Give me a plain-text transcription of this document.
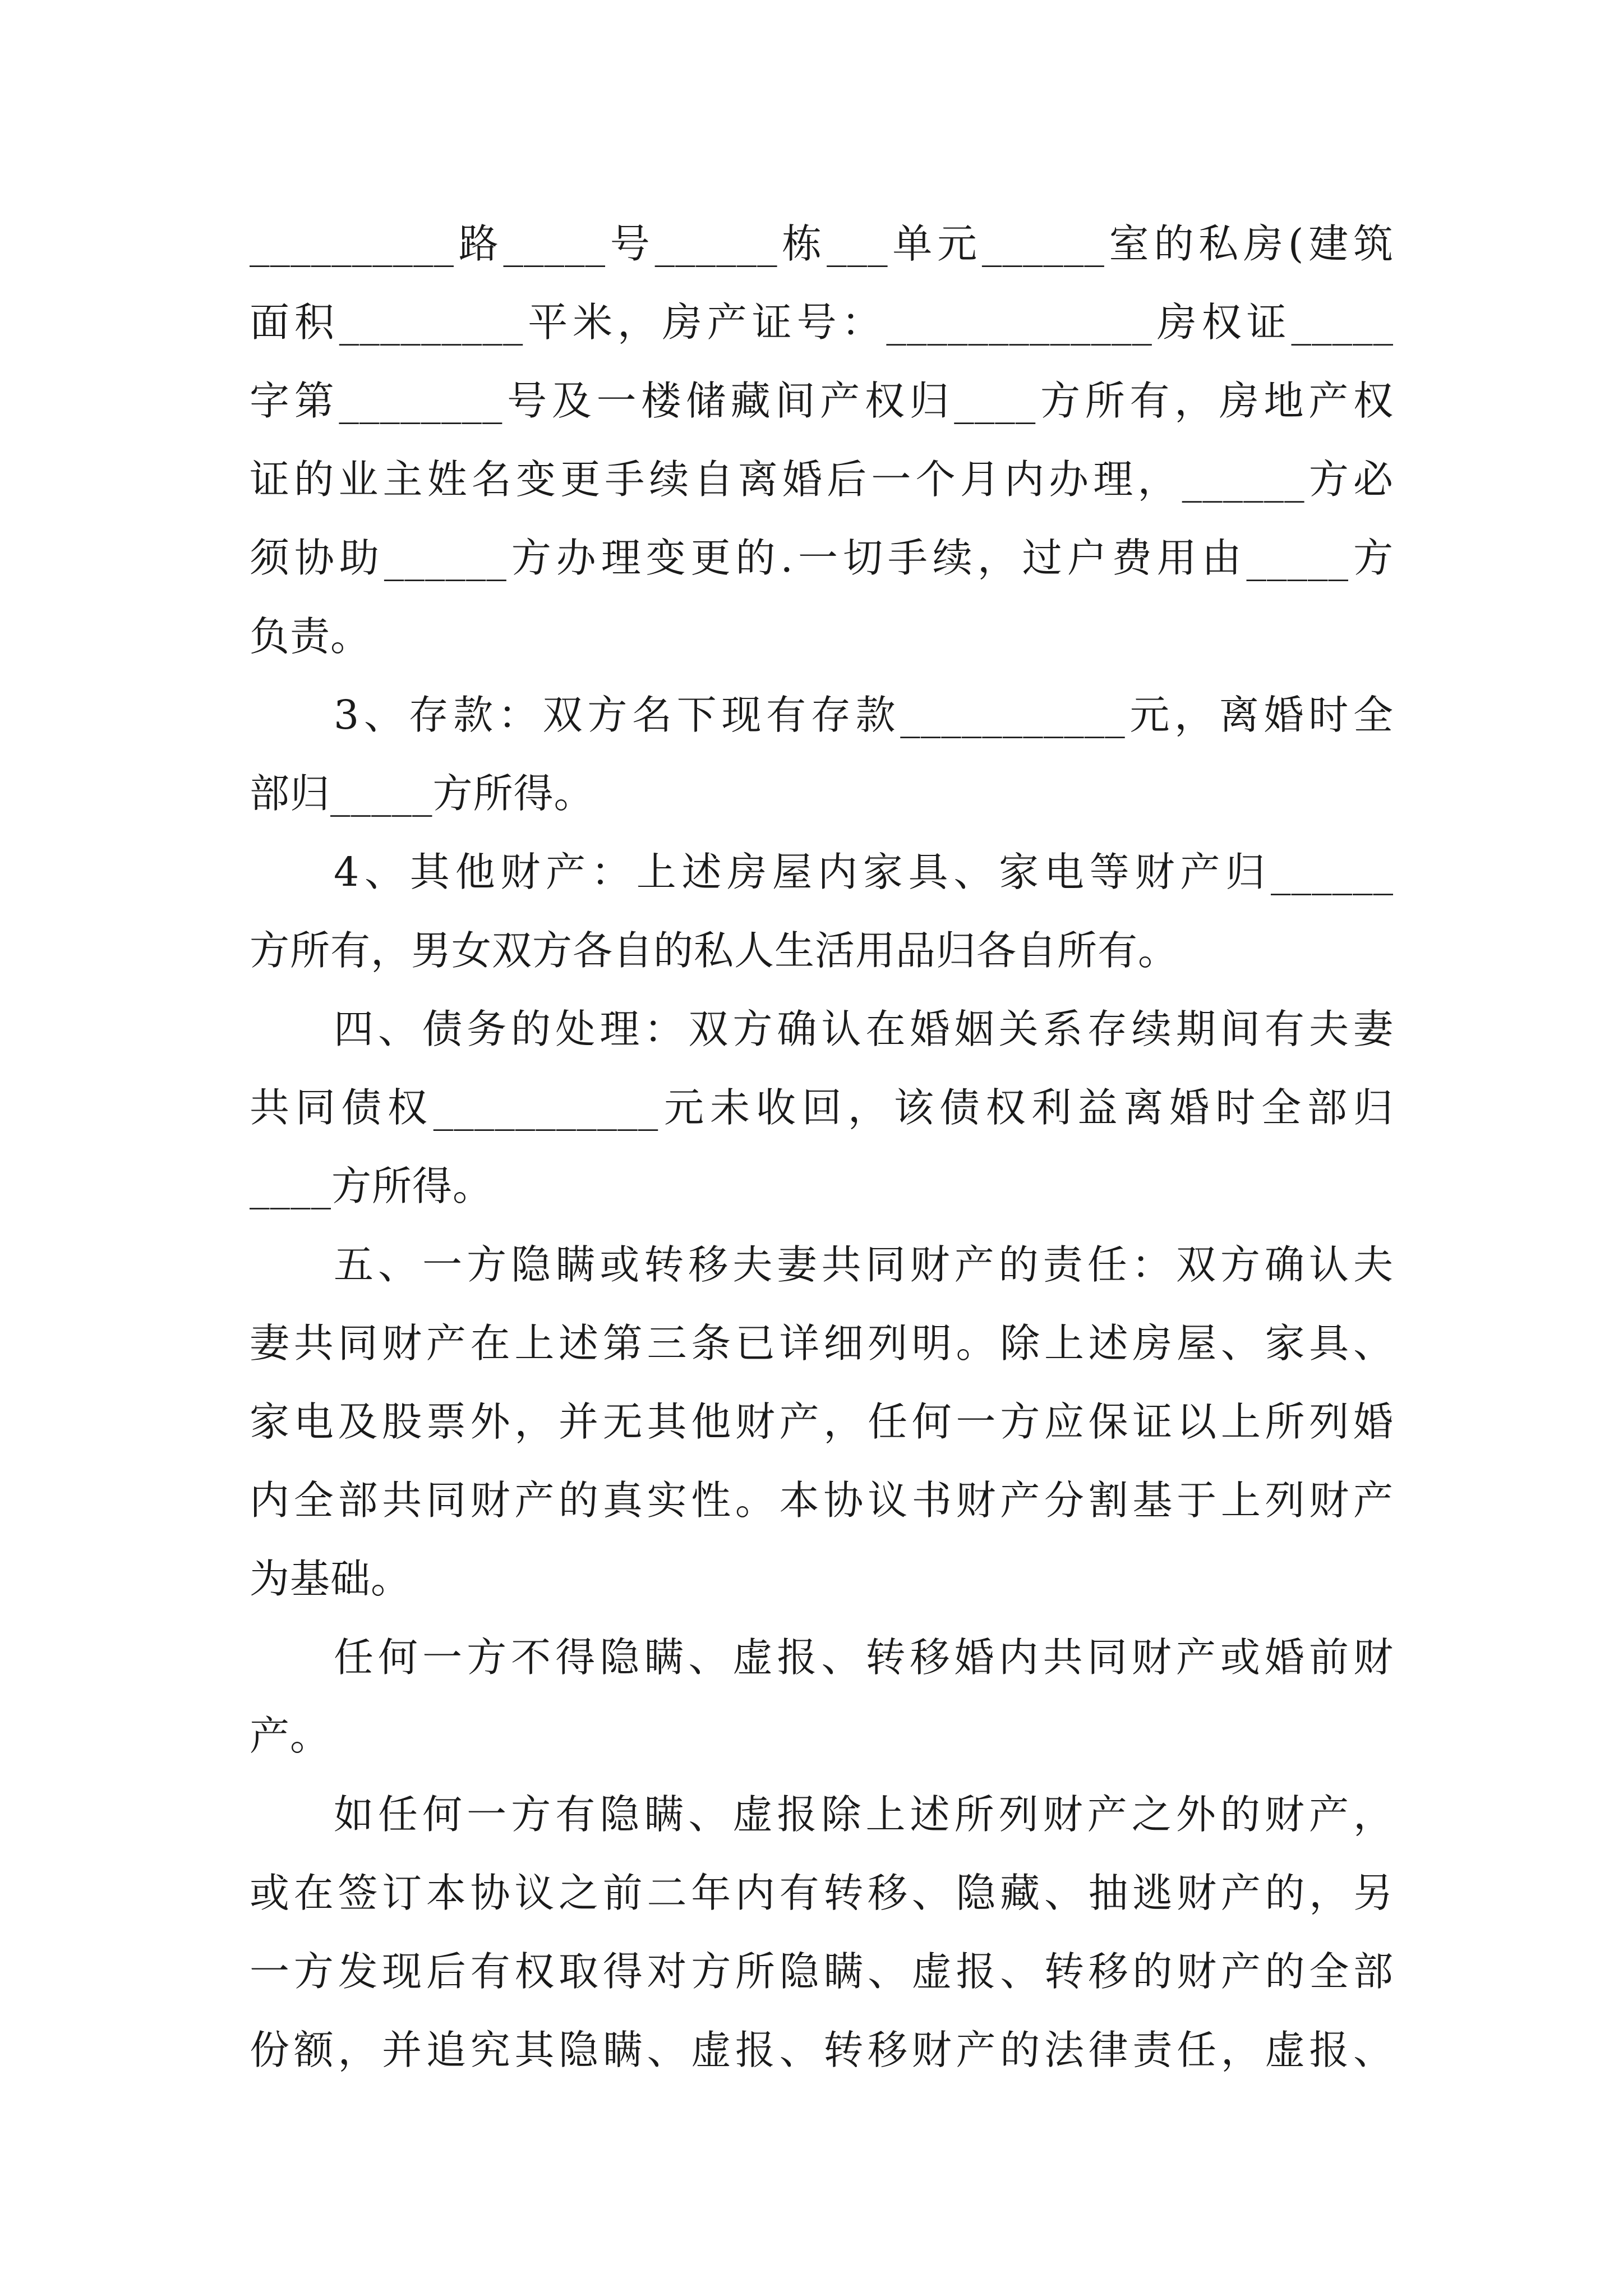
__________路_____号______栋___单元______室的私房(建筑
面积_________平米，房产证号：_____________房权证_____
字第________号及一楼储藏间产权归____方所有，房地产权
证的业主姓名变更手续自离婚后一个月内办理，______方必
须协助______方办理变更的.一切手续，过户费用由_____方
负责。
3、存款：双方名下现有存款___________元，离婚时全
部归_____方所得。
4、其他财产：上述房屋内家具、家电等财产归______
方所有，男女双方各自的私人生活用品归各自所有。
四、债务的处理：双方确认在婚姻关系存续期间有夫妻
共同债权___________元未收回，该债权利益离婚时全部归
____方所得。
五、一方隐瞒或转移夫妻共同财产的责任：双方确认夫
妻共同财产在上述第三条已详细列明。除上述房屋、家具、
家电及股票外，并无其他财产，任何一方应保证以上所列婚
内全部共同财产的真实性。本协议书财产分割基于上列财产
为基础。
任何一方不得隐瞒、虚报、转移婚内共同财产或婚前财
产。
如任何一方有隐瞒、虚报除上述所列财产之外的财产，
或在签订本协议之前二年内有转移、隐藏、抽逃财产的，另
一方发现后有权取得对方所隐瞒、虚报、转移的财产的全部
份额，并追究其隐瞒、虚报、转移财产的法律责任，虚报、
